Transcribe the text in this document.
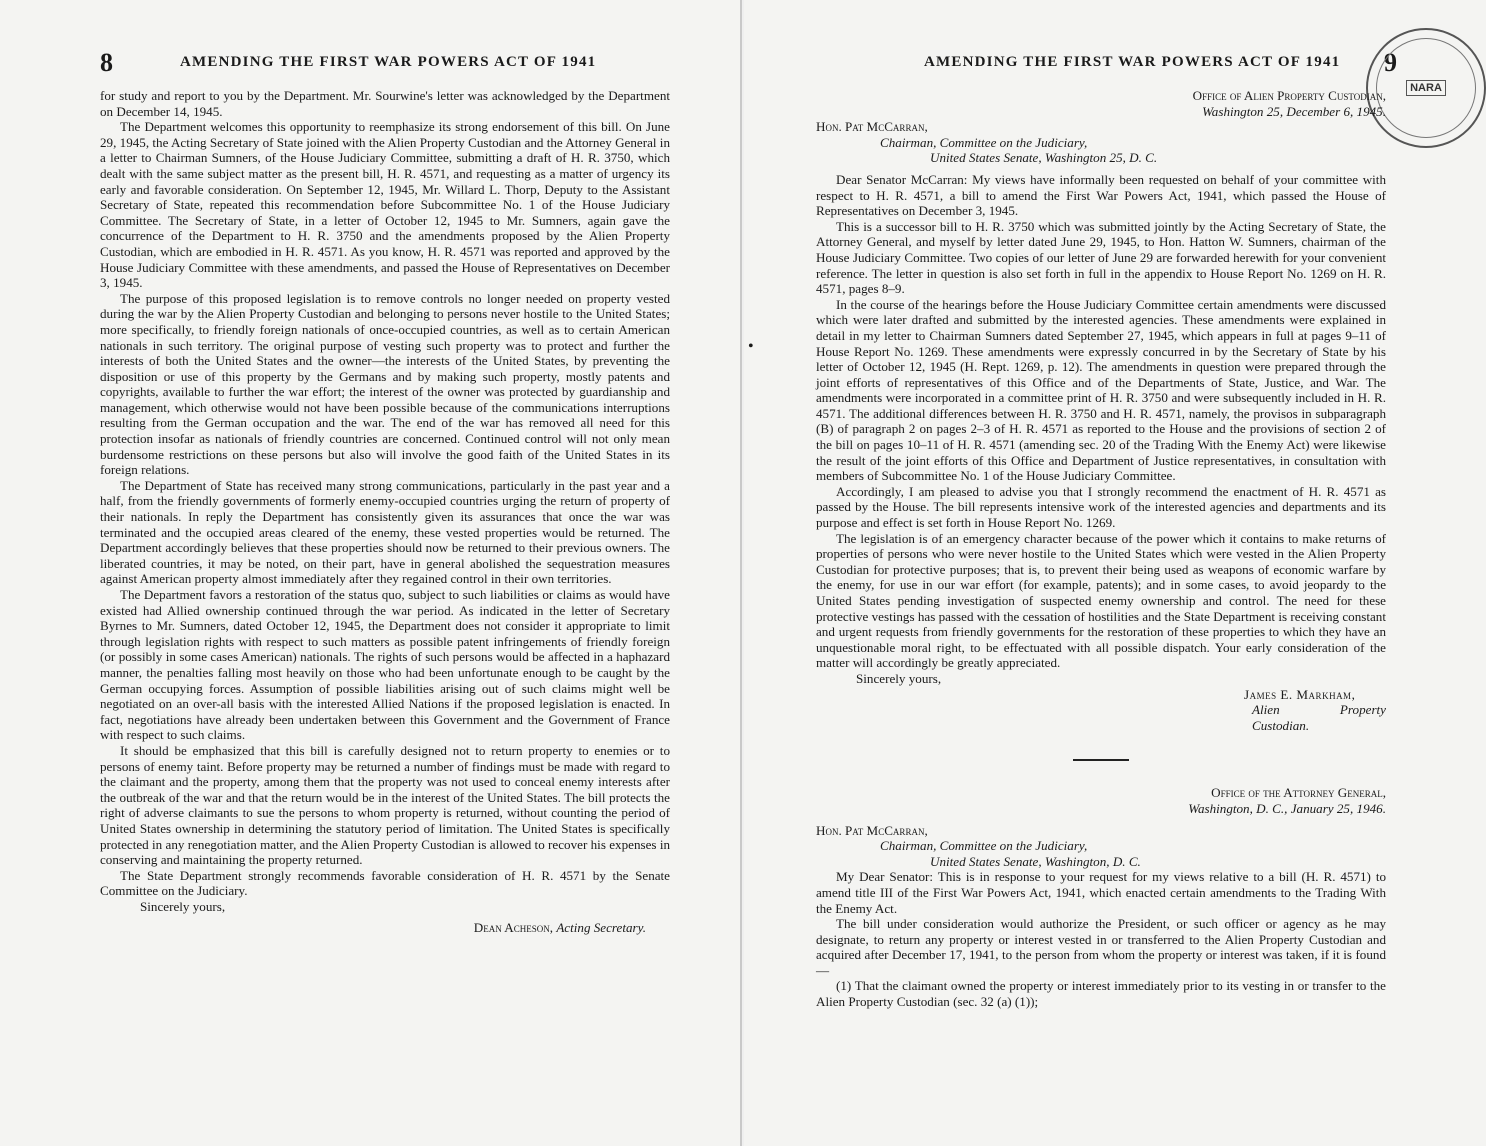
8	AMENDING THE FIRST WAR POWERS ACT OF 1941

for study and report to you by the Department. Mr. Sourwine's letter was acknowledged by the Department on December 14, 1945.

The Department welcomes this opportunity to reemphasize its strong endorsement of this bill. On June 29, 1945, the Acting Secretary of State joined with the Alien Property Custodian and the Attorney General in a letter to Chairman Sumners, of the House Judiciary Committee, submitting a draft of H. R. 3750, which dealt with the same subject matter as the present bill, H. R. 4571, and requesting as a matter of urgency its early and favorable consideration. On September 12, 1945, Mr. Willard L. Thorp, Deputy to the Assistant Secretary of State, repeated this recommendation before Subcommittee No. 1 of the House Judiciary Committee. The Secretary of State, in a letter of October 12, 1945 to Mr. Sumners, again gave the concurrence of the Department to H. R. 3750 and the amendments proposed by the Alien Property Custodian, which are embodied in H. R. 4571. As you know, H. R. 4571 was reported and approved by the House Judiciary Committee with these amendments, and passed the House of Representatives on December 3, 1945.

The purpose of this proposed legislation is to remove controls no longer needed on property vested during the war by the Alien Property Custodian and belonging to persons never hostile to the United States; more specifically, to friendly foreign nationals of once-occupied countries, as well as to certain American nationals in such territory. The original purpose of vesting such property was to protect and further the interests of both the United States and the owner—the interests of the United States, by preventing the disposition or use of this property by the Germans and by making such property, mostly patents and copyrights, available to further the war effort; the interest of the owner was protected by guardianship and management, which otherwise would not have been possible because of the communications interruptions resulting from the German occupation and the war. The end of the war has removed all need for this protection insofar as nationals of friendly countries are concerned. Continued control will not only mean burdensome restrictions on these persons but also will involve the good faith of the United States in its foreign relations.

The Department of State has received many strong communications, particularly in the past year and a half, from the friendly governments of formerly enemy-occupied countries urging the return of property of their nationals. In reply the Department has consistently given its assurances that once the war was terminated and the occupied areas cleared of the enemy, these vested properties would be returned. The Department accordingly believes that these properties should now be returned to their previous owners. The liberated countries, it may be noted, on their part, have in general abolished the sequestration measures against American property almost immediately after they regained control in their own territories.

The Department favors a restoration of the status quo, subject to such liabilities or claims as would have existed had Allied ownership continued through the war period. As indicated in the letter of Secretary Byrnes to Mr. Sumners, dated October 12, 1945, the Department does not consider it appropriate to limit through legislation rights with respect to such matters as possible patent infringements of friendly foreign (or possibly in some cases American) nationals. The rights of such persons would be affected in a haphazard manner, the penalties falling most heavily on those who had been unfortunate enough to be caught by the German occupying forces. Assumption of possible liabilities arising out of such claims might well be negotiated on an over-all basis with the interested Allied Nations if the proposed legislation is enacted. In fact, negotiations have already been undertaken between this Government and the Government of France with respect to such claims.

It should be emphasized that this bill is carefully designed not to return property to enemies or to persons of enemy taint. Before property may be returned a number of findings must be made with regard to the claimant and the property, among them that the property was not used to conceal enemy interests after the outbreak of the war and that the return would be in the interest of the United States. The bill protects the right of adverse claimants to sue the persons to whom property is returned, without counting the period of United States ownership in determining the statutory period of limitation. The United States is specifically protected in any renegotiation matter, and the Alien Property Custodian is allowed to recover his expenses in conserving and maintaining the property returned.

The State Department strongly recommends favorable consideration of H. R. 4571 by the Senate Committee on the Judiciary.

Sincerely yours,

Dean Acheson, Acting Secretary.
AMENDING THE FIRST WAR POWERS ACT OF 1941 9
NARA
Office of Alien Property Custodian,
Washington 25, December 6, 1945.
Hon. Pat McCarran,
Chairman, Committee on the Judiciary,
United States Senate, Washington 25, D. C.

Dear Senator McCarran: My views have informally been requested on behalf of your committee with respect to H. R. 4571, a bill to amend the First War Powers Act, 1941, which passed the House of Representatives on December 3, 1945.

This is a successor bill to H. R. 3750 which was submitted jointly by the Acting Secretary of State, the Attorney General, and myself by letter dated June 29, 1945, to Hon. Hatton W. Sumners, chairman of the House Judiciary Committee. Two copies of our letter of June 29 are forwarded herewith for your convenient reference. The letter in question is also set forth in full in the appendix to House Report No. 1269 on H. R. 4571, pages 8–9.

In the course of the hearings before the House Judiciary Committee certain amendments were discussed which were later drafted and submitted by the interested agencies. These amendments were explained in detail in my letter to Chairman Sumners dated September 27, 1945, which appears in full at pages 9–11 of House Report No. 1269. These amendments were expressly concurred in by the Secretary of State by his letter of October 12, 1945 (H. Rept. 1269, p. 12). The amendments in question were prepared through the joint efforts of representatives of this Office and of the Departments of State, Justice, and War. The amendments were incorporated in a committee print of H. R. 3750 and were subsequently included in H. R. 4571. The additional differences between H. R. 3750 and H. R. 4571, namely, the provisos in subparagraph (B) of paragraph 2 on pages 2–3 of H. R. 4571 as reported to the House and the provisions of section 2 of the bill on pages 10–11 of H. R. 4571 (amending sec. 20 of the Trading With the Enemy Act) were likewise the result of the joint efforts of this Office and Department of Justice representatives, in consultation with members of Subcommittee No. 1 of the House Judiciary Committee.

Accordingly, I am pleased to advise you that I strongly recommend the enactment of H. R. 4571 as passed by the House. The bill represents intensive work of the interested agencies and departments and its purpose and effect is set forth in House Report No. 1269.

The legislation is of an emergency character because of the power which it contains to make returns of properties of persons who were never hostile to the United States which were vested in the Alien Property Custodian for protective purposes; that is, to prevent their being used as weapons of economic warfare by the enemy, for use in our war effort (for example, patents); and in some cases, to avoid jeopardy to the United States pending investigation of suspected enemy ownership and control. The need for these protective vestings has passed with the cessation of hostilities and the State Department is receiving constant and urgent requests from friendly governments for the restoration of these properties to which they have an unquestionable moral right, to be effectuated with all possible dispatch. Your early consideration of the matter will accordingly be greatly appreciated.

Sincerely yours,

James E. Markham,
Alien Property Custodian.
Office of the Attorney General,
Washington, D. C., January 25, 1946.
Hon. Pat McCarran,
Chairman, Committee on the Judiciary,
United States Senate, Washington, D. C.

My Dear Senator: This is in response to your request for my views relative to a bill (H. R. 4571) to amend title III of the First War Powers Act, 1941, which enacted certain amendments to the Trading With the Enemy Act.

The bill under consideration would authorize the President, or such officer or agency as he may designate, to return any property or interest vested in or transferred to the Alien Property Custodian and acquired after December 17, 1941, to the person from whom the property or interest was taken, if it is found—

(1) That the claimant owned the property or interest immediately prior to its vesting in or transfer to the Alien Property Custodian (sec. 32 (a) (1));

•
